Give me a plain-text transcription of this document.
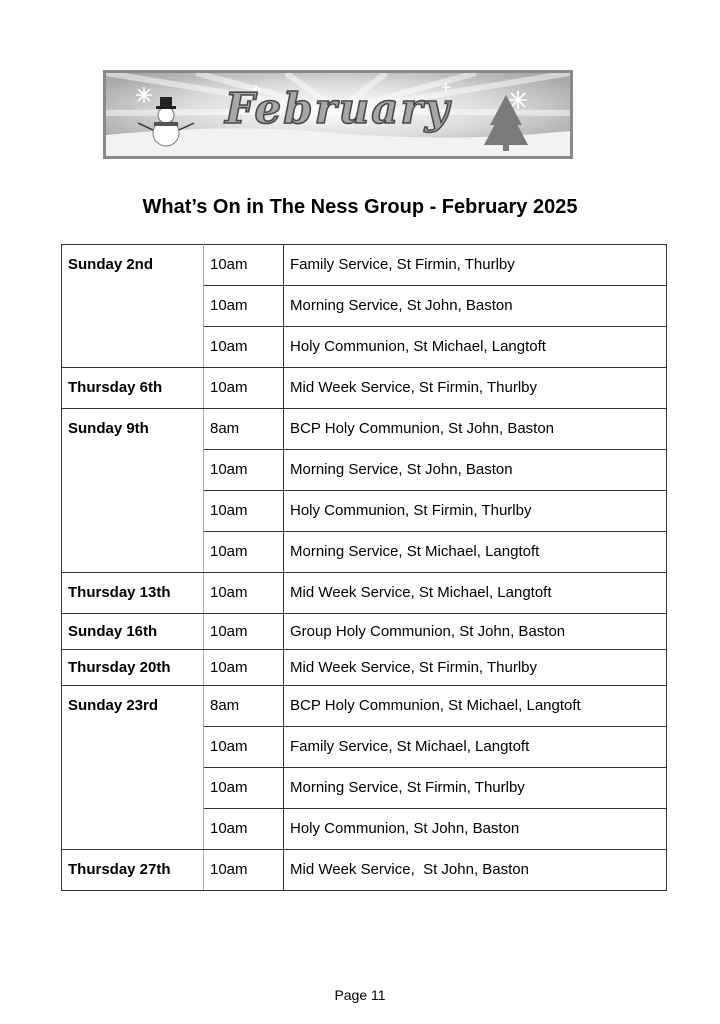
February
What’s On in The Ness Group - February 2025
Sunday 2nd	10am	Family Service, St Firmin, Thurlby
	10am	Morning Service, St John, Baston
	10am	Holy Communion, St Michael, Langtoft
Thursday 6th	10am	Mid Week Service, St Firmin, Thurlby
Sunday 9th	8am	BCP Holy Communion, St John, Baston
	10am	Morning Service, St John, Baston
	10am	Holy Communion, St Firmin, Thurlby
	10am	Morning Service, St Michael, Langtoft
Thursday 13th	10am	Mid Week Service, St Michael, Langtoft
Sunday 16th	10am	Group Holy Communion, St John, Baston
Thursday 20th	10am	Mid Week Service, St Firmin, Thurlby
Sunday 23rd	8am	BCP Holy Communion, St Michael, Langtoft
	10am	Family Service, St Michael, Langtoft
	10am	Morning Service, St Firmin, Thurlby
	10am	Holy Communion, St John, Baston
Thursday 27th	10am	Mid Week Service,  St John, Baston
Page 11
